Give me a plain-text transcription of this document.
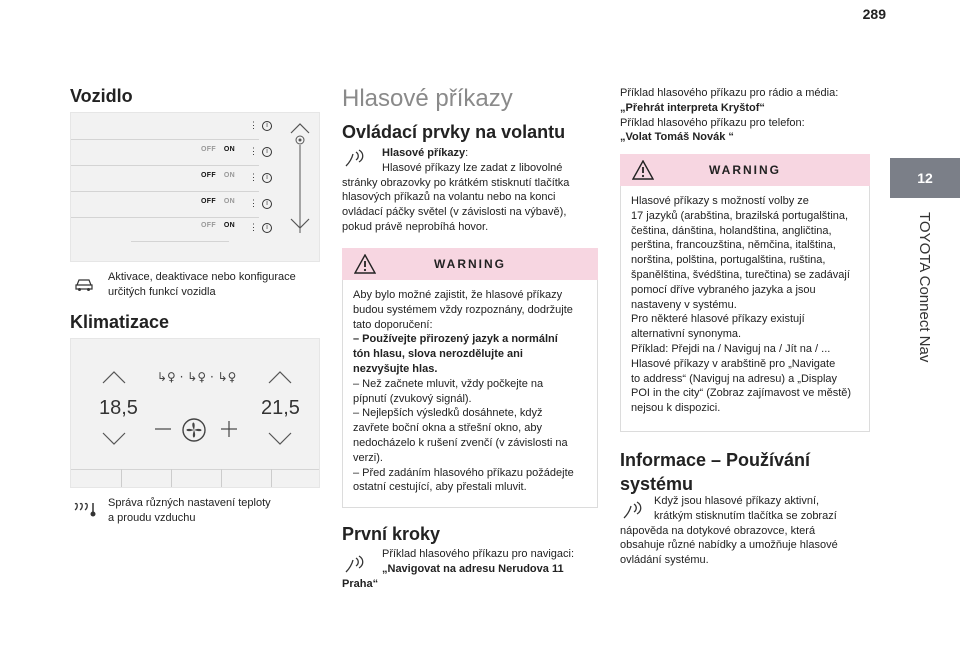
289
12
TOYOTA Connect Nav
Vozidlo
⋮ i
OFF ON ⋮ i
OFF ON ⋮ i
OFF ON ⋮ i
OFF ON ⋮ i
Aktivace, deaktivace nebo konfigurace
určitých funkcí vozidla
Klimatizace
18,5
↳♀ · ↳♀ · ↳♀
21,5
Správa různých nastavení teploty
a proudu vzduchu
Hlasové příkazy
Ovládací prvky na volantu
Hlasové příkazy:
Hlasové příkazy lze zadat z libovolné
stránky obrazovky po krátkém stisknutí tlačítka
hlasových příkazů na volantu nebo na konci
ovládací páčky světel (v závislosti na výbavě),
pokud právě neprobíhá hovor.
WARNING
Aby bylo možné zajistit, že hlasové příkazy
budou systémem vždy rozpoznány, dodržujte
tato doporučení:
– Používejte přirozený jazyk a normální
tón hlasu, slova nerozdělujte ani
nezvyšujte hlas.
– Než začnete mluvit, vždy počkejte na
pípnutí (zvukový signál).
– Nejlepších výsledků dosáhnete, když
zavřete boční okna a střešní okno, aby
nedocházelo k rušení zvenčí (v závislosti na
verzi).
– Před zadáním hlasového příkazu požádejte
ostatní cestující, aby přestali mluvit.
První kroky
Příklad hlasového příkazu pro navigaci:
„Navigovat na adresu Nerudova 11
Praha“
Příklad hlasového příkazu pro rádio a média:
„Přehrát interpreta Kryštof“
Příklad hlasového příkazu pro telefon:
„Volat Tomáš Novák “
WARNING
Hlasové příkazy s možností volby ze
17 jazyků (arabština, brazilská portugalština,
čeština, dánština, holandština, angličtina,
perština, francouzština, němčina, italština,
norština, polština, portugalština, ruština,
španělština, švédština, turečtina) se zadávají
pomocí dříve vybraného jazyka a jsou
nastaveny v systému.
Pro některé hlasové příkazy existují
alternativní synonyma.
Příklad: Přejdi na / Naviguj na / Jít na / ...
Hlasové příkazy v arabštině pro „Navigate
to address“ (Naviguj na adresu) a „Display
POI in the city“ (Zobraz zajímavost ve městě)
nejsou k dispozici.
Informace – Používání
systému
Když jsou hlasové příkazy aktivní,
krátkým stisknutím tlačítka se zobrazí
nápověda na dotykové obrazovce, která
obsahuje různé nabídky a umožňuje hlasové
ovládání systému.
